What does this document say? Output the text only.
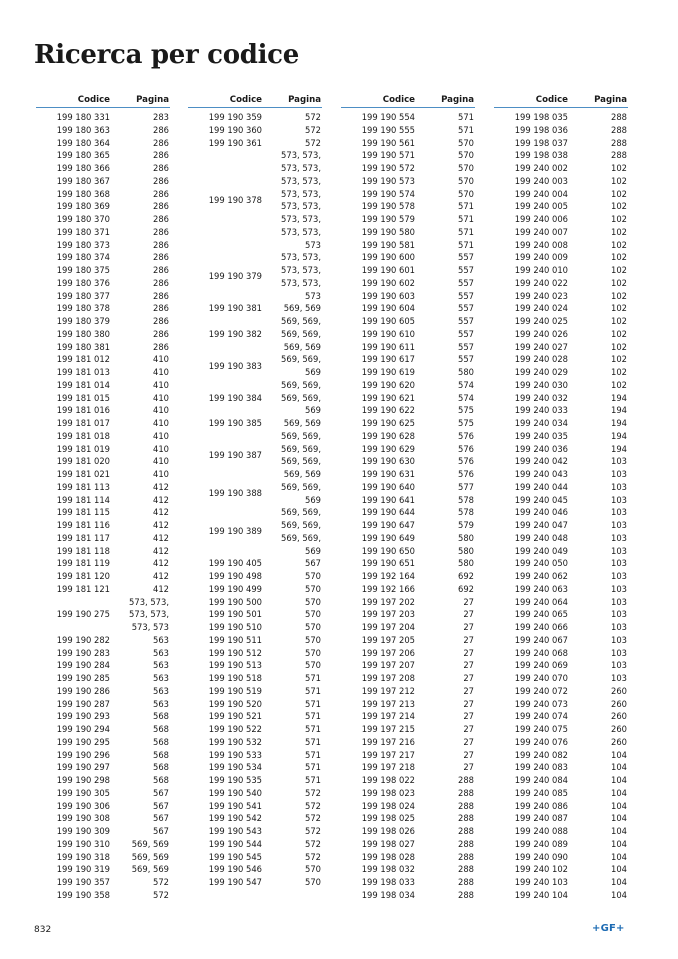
Ricerca per codice
Codice	Pagina
199 180 331	283
199 180 363	286
199 180 364	286
199 180 365	286
199 180 366	286
199 180 367	286
199 180 368	286
199 180 369	286
199 180 370	286
199 180 371	286
199 180 373	286
199 180 374	286
199 180 375	286
199 180 376	286
199 180 377	286
199 180 378	286
199 180 379	286
199 180 380	286
199 180 381	286
199 181 012	410
199 181 013	410
199 181 014	410
199 181 015	410
199 181 016	410
199 181 017	410
199 181 018	410
199 181 019	410
199 181 020	410
199 181 021	410
199 181 113	412
199 181 114	412
199 181 115	412
199 181 116	412
199 181 117	412
199 181 118	412
199 181 119	412
199 181 120	412
199 181 121	412
199 190 275
573, 573,
573, 573,
573, 573
199 190 282	563
199 190 283	563
199 190 284	563
199 190 285	563
199 190 286	563
199 190 287	563
199 190 293	568
199 190 294	568
199 190 295	568
199 190 296	568
199 190 297	568
199 190 298	568
199 190 305	567
199 190 306	567
199 190 308	567
199 190 309	567
199 190 310	569, 569
199 190 318	569, 569
199 190 319	569, 569
199 190 357	572
199 190 358	572
Codice	Pagina
199 190 359	572
199 190 360	572
199 190 361	572
199 190 378
573, 573,
573, 573,
573, 573,
573, 573,
573, 573,
573, 573,
573, 573,
573
199 190 379
573, 573,
573, 573,
573, 573,
573
199 190 381	569, 569
199 190 382
569, 569,
569, 569,
569, 569
199 190 383
569, 569,
569
199 190 384
569, 569,
569, 569,
569
199 190 385	569, 569
199 190 387
569, 569,
569, 569,
569, 569,
569, 569
199 190 388
569, 569,
569
199 190 389
569, 569,
569, 569,
569, 569,
569
199 190 405	567
199 190 498	570
199 190 499	570
199 190 500	570
199 190 501	570
199 190 510	570
199 190 511	570
199 190 512	570
199 190 513	570
199 190 518	571
199 190 519	571
199 190 520	571
199 190 521	571
199 190 522	571
199 190 532	571
199 190 533	571
199 190 534	571
199 190 535	571
199 190 540	572
199 190 541	572
199 190 542	572
199 190 543	572
199 190 544	572
199 190 545	572
199 190 546	570
199 190 547	570
Codice	Pagina
199 190 554	571
199 190 555	571
199 190 561	570
199 190 571	570
199 190 572	570
199 190 573	570
199 190 574	570
199 190 578	571
199 190 579	571
199 190 580	571
199 190 581	571
199 190 600	557
199 190 601	557
199 190 602	557
199 190 603	557
199 190 604	557
199 190 605	557
199 190 610	557
199 190 611	557
199 190 617	557
199 190 619	580
199 190 620	574
199 190 621	574
199 190 622	575
199 190 625	575
199 190 628	576
199 190 629	576
199 190 630	576
199 190 631	576
199 190 640	577
199 190 641	578
199 190 644	578
199 190 647	579
199 190 649	580
199 190 650	580
199 190 651	580
199 192 164	692
199 192 166	692
199 197 202	27
199 197 203	27
199 197 204	27
199 197 205	27
199 197 206	27
199 197 207	27
199 197 208	27
199 197 212	27
199 197 213	27
199 197 214	27
199 197 215	27
199 197 216	27
199 197 217	27
199 197 218	27
199 198 022	288
199 198 023	288
199 198 024	288
199 198 025	288
199 198 026	288
199 198 027	288
199 198 028	288
199 198 032	288
199 198 033	288
199 198 034	288
Codice	Pagina
199 198 035	288
199 198 036	288
199 198 037	288
199 198 038	288
199 240 002	102
199 240 003	102
199 240 004	102
199 240 005	102
199 240 006	102
199 240 007	102
199 240 008	102
199 240 009	102
199 240 010	102
199 240 022	102
199 240 023	102
199 240 024	102
199 240 025	102
199 240 026	102
199 240 027	102
199 240 028	102
199 240 029	102
199 240 030	102
199 240 032	194
199 240 033	194
199 240 034	194
199 240 035	194
199 240 036	194
199 240 042	103
199 240 043	103
199 240 044	103
199 240 045	103
199 240 046	103
199 240 047	103
199 240 048	103
199 240 049	103
199 240 050	103
199 240 062	103
199 240 063	103
199 240 064	103
199 240 065	103
199 240 066	103
199 240 067	103
199 240 068	103
199 240 069	103
199 240 070	103
199 240 072	260
199 240 073	260
199 240 074	260
199 240 075	260
199 240 076	260
199 240 082	104
199 240 083	104
199 240 084	104
199 240 085	104
199 240 086	104
199 240 087	104
199 240 088	104
199 240 089	104
199 240 090	104
199 240 102	104
199 240 103	104
199 240 104	104
832	+GF+
